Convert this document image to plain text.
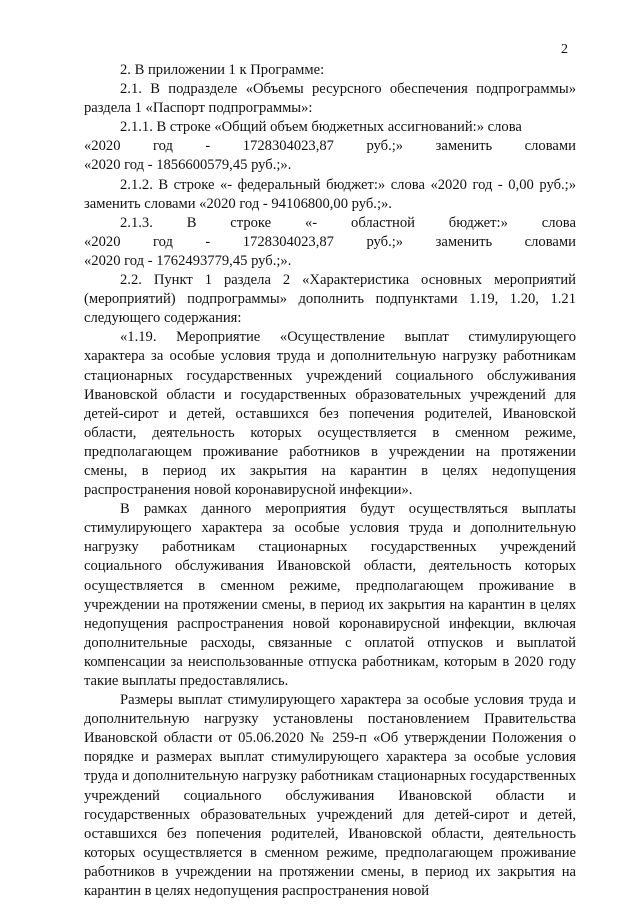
2

2. В приложении 1 к Программе:

2.1. В подразделе «Объемы ресурсного обеспечения подпрограммы» раздела 1 «Паспорт подпрограммы»:

2.1.1. В строке «Общий объем бюджетных ассигнований:» слова

«2020 год - 1728304023,87 руб.;» заменить словами
«2020 год - 1856600579,45 руб.;».

2.1.2. В строке «- федеральный бюджет:» слова «2020 год - 0,00 руб.;» заменить словами «2020 год - 94106800,00 руб.;».

2.1.3. В строке «- областной бюджет:» слова
«2020 год - 1728304023,87 руб.;» заменить словами
«2020 год - 1762493779,45 руб.;».

2.2. Пункт 1 раздела 2 «Характеристика основных мероприятий (мероприятий) подпрограммы» дополнить подпунктами 1.19, 1.20, 1.21 следующего содержания:

«1.19. Мероприятие «Осуществление выплат стимулирующего характера за особые условия труда и дополнительную нагрузку работникам стационарных государственных учреждений социального обслуживания Ивановской области и государственных образовательных учреждений для детей-сирот и детей, оставшихся без попечения родителей, Ивановской области, деятельность которых осуществляется в сменном режиме, предполагающем проживание работников в учреждении на протяжении смены, в период их закрытия на карантин в целях недопущения распространения новой коронавирусной инфекции».

В рамках данного мероприятия будут осуществляться выплаты стимулирующего характера за особые условия труда и дополнительную нагрузку работникам стационарных государственных учреждений социального обслуживания Ивановской области, деятельность которых осуществляется в сменном режиме, предполагающем проживание в учреждении на протяжении смены, в период их закрытия на карантин в целях недопущения распространения новой коронавирусной инфекции, включая дополнительные расходы, связанные с оплатой отпусков и выплатой компенсации за неиспользованные отпуска работникам, которым в 2020 году такие выплаты предоставлялись.

Размеры выплат стимулирующего характера за особые условия труда и дополнительную нагрузку установлены постановлением Правительства Ивановской области от 05.06.2020 № 259-п «Об утверждении Положения о порядке и размерах выплат стимулирующего характера за особые условия труда и дополнительную нагрузку работникам стационарных государственных учреждений социального обслуживания Ивановской области и государственных образовательных учреждений для детей-сирот и детей, оставшихся без попечения родителей, Ивановской области, деятельность которых осуществляется в сменном режиме, предполагающем проживание работников в учреждении на протяжении смены, в период их закрытия на карантин в целях недопущения распространения новой
